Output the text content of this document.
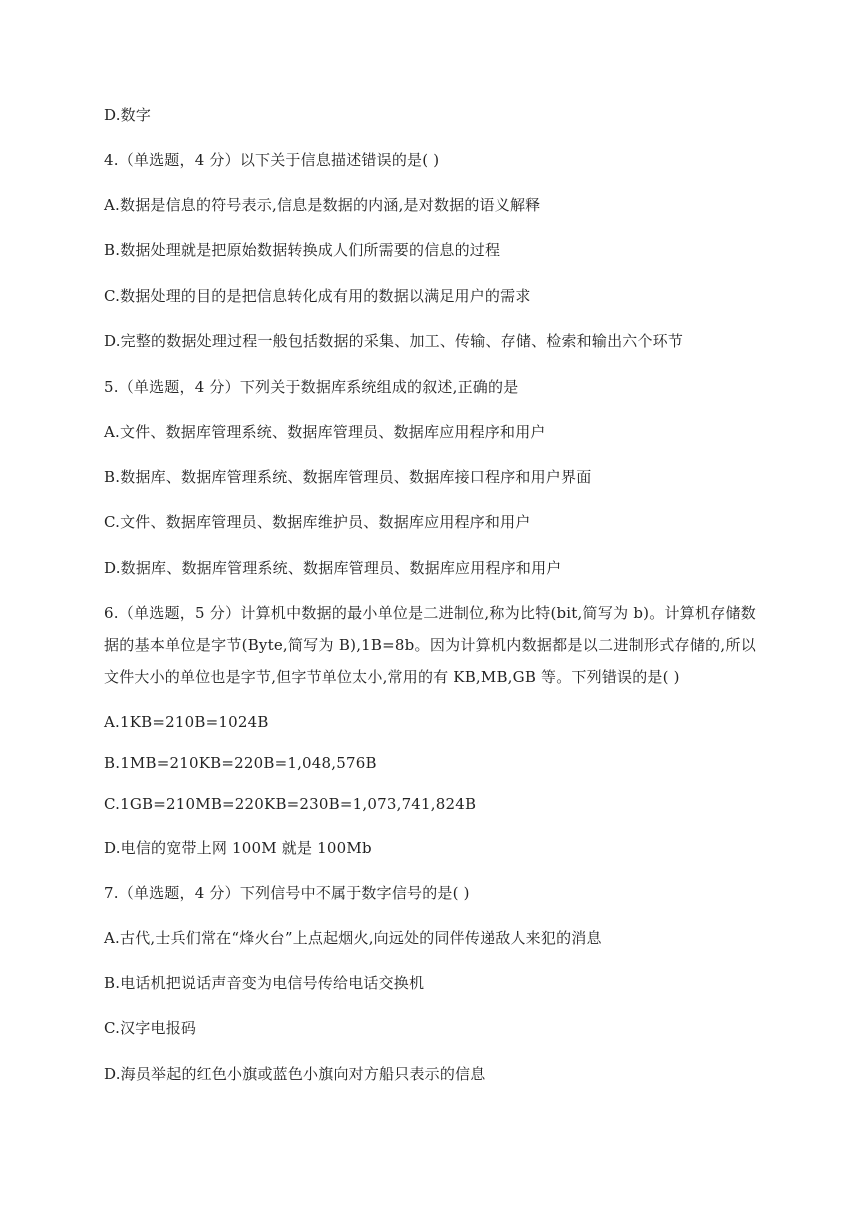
D.数字
4.（单选题，4 分）以下关于信息描述错误的是( )
A.数据是信息的符号表示,信息是数据的内涵,是对数据的语义解释
B.数据处理就是把原始数据转换成人们所需要的信息的过程
C.数据处理的目的是把信息转化成有用的数据以满足用户的需求
D.完整的数据处理过程一般包括数据的采集、加工、传输、存储、检索和输出六个环节
5.（单选题，4 分）下列关于数据库系统组成的叙述,正确的是
A.文件、数据库管理系统、数据库管理员、数据库应用程序和用户
B.数据库、数据库管理系统、数据库管理员、数据库接口程序和用户界面
C.文件、数据库管理员、数据库维护员、数据库应用程序和用户
D.数据库、数据库管理系统、数据库管理员、数据库应用程序和用户
6.（单选题，5 分）计算机中数据的最小单位是二进制位,称为比特(bit,简写为 b)。计算机存储数据的基本单位是字节(Byte,简写为 B),1B=8b。因为计算机内数据都是以二进制形式存储的,所以文件大小的单位也是字节,但字节单位太小,常用的有 KB,MB,GB 等。下列错误的是( )
A.1KB=210B=1024B
B.1MB=210KB=220B=1,048,576B
C.1GB=210MB=220KB=230B=1,073,741,824B
D.电信的宽带上网 100M 就是 100Mb
7.（单选题，4 分）下列信号中不属于数字信号的是( )
A.古代,士兵们常在“烽火台”上点起烟火,向远处的同伴传递敌人来犯的消息
B.电话机把说话声音变为电信号传给电话交换机
C.汉字电报码
D.海员举起的红色小旗或蓝色小旗向对方船只表示的信息
